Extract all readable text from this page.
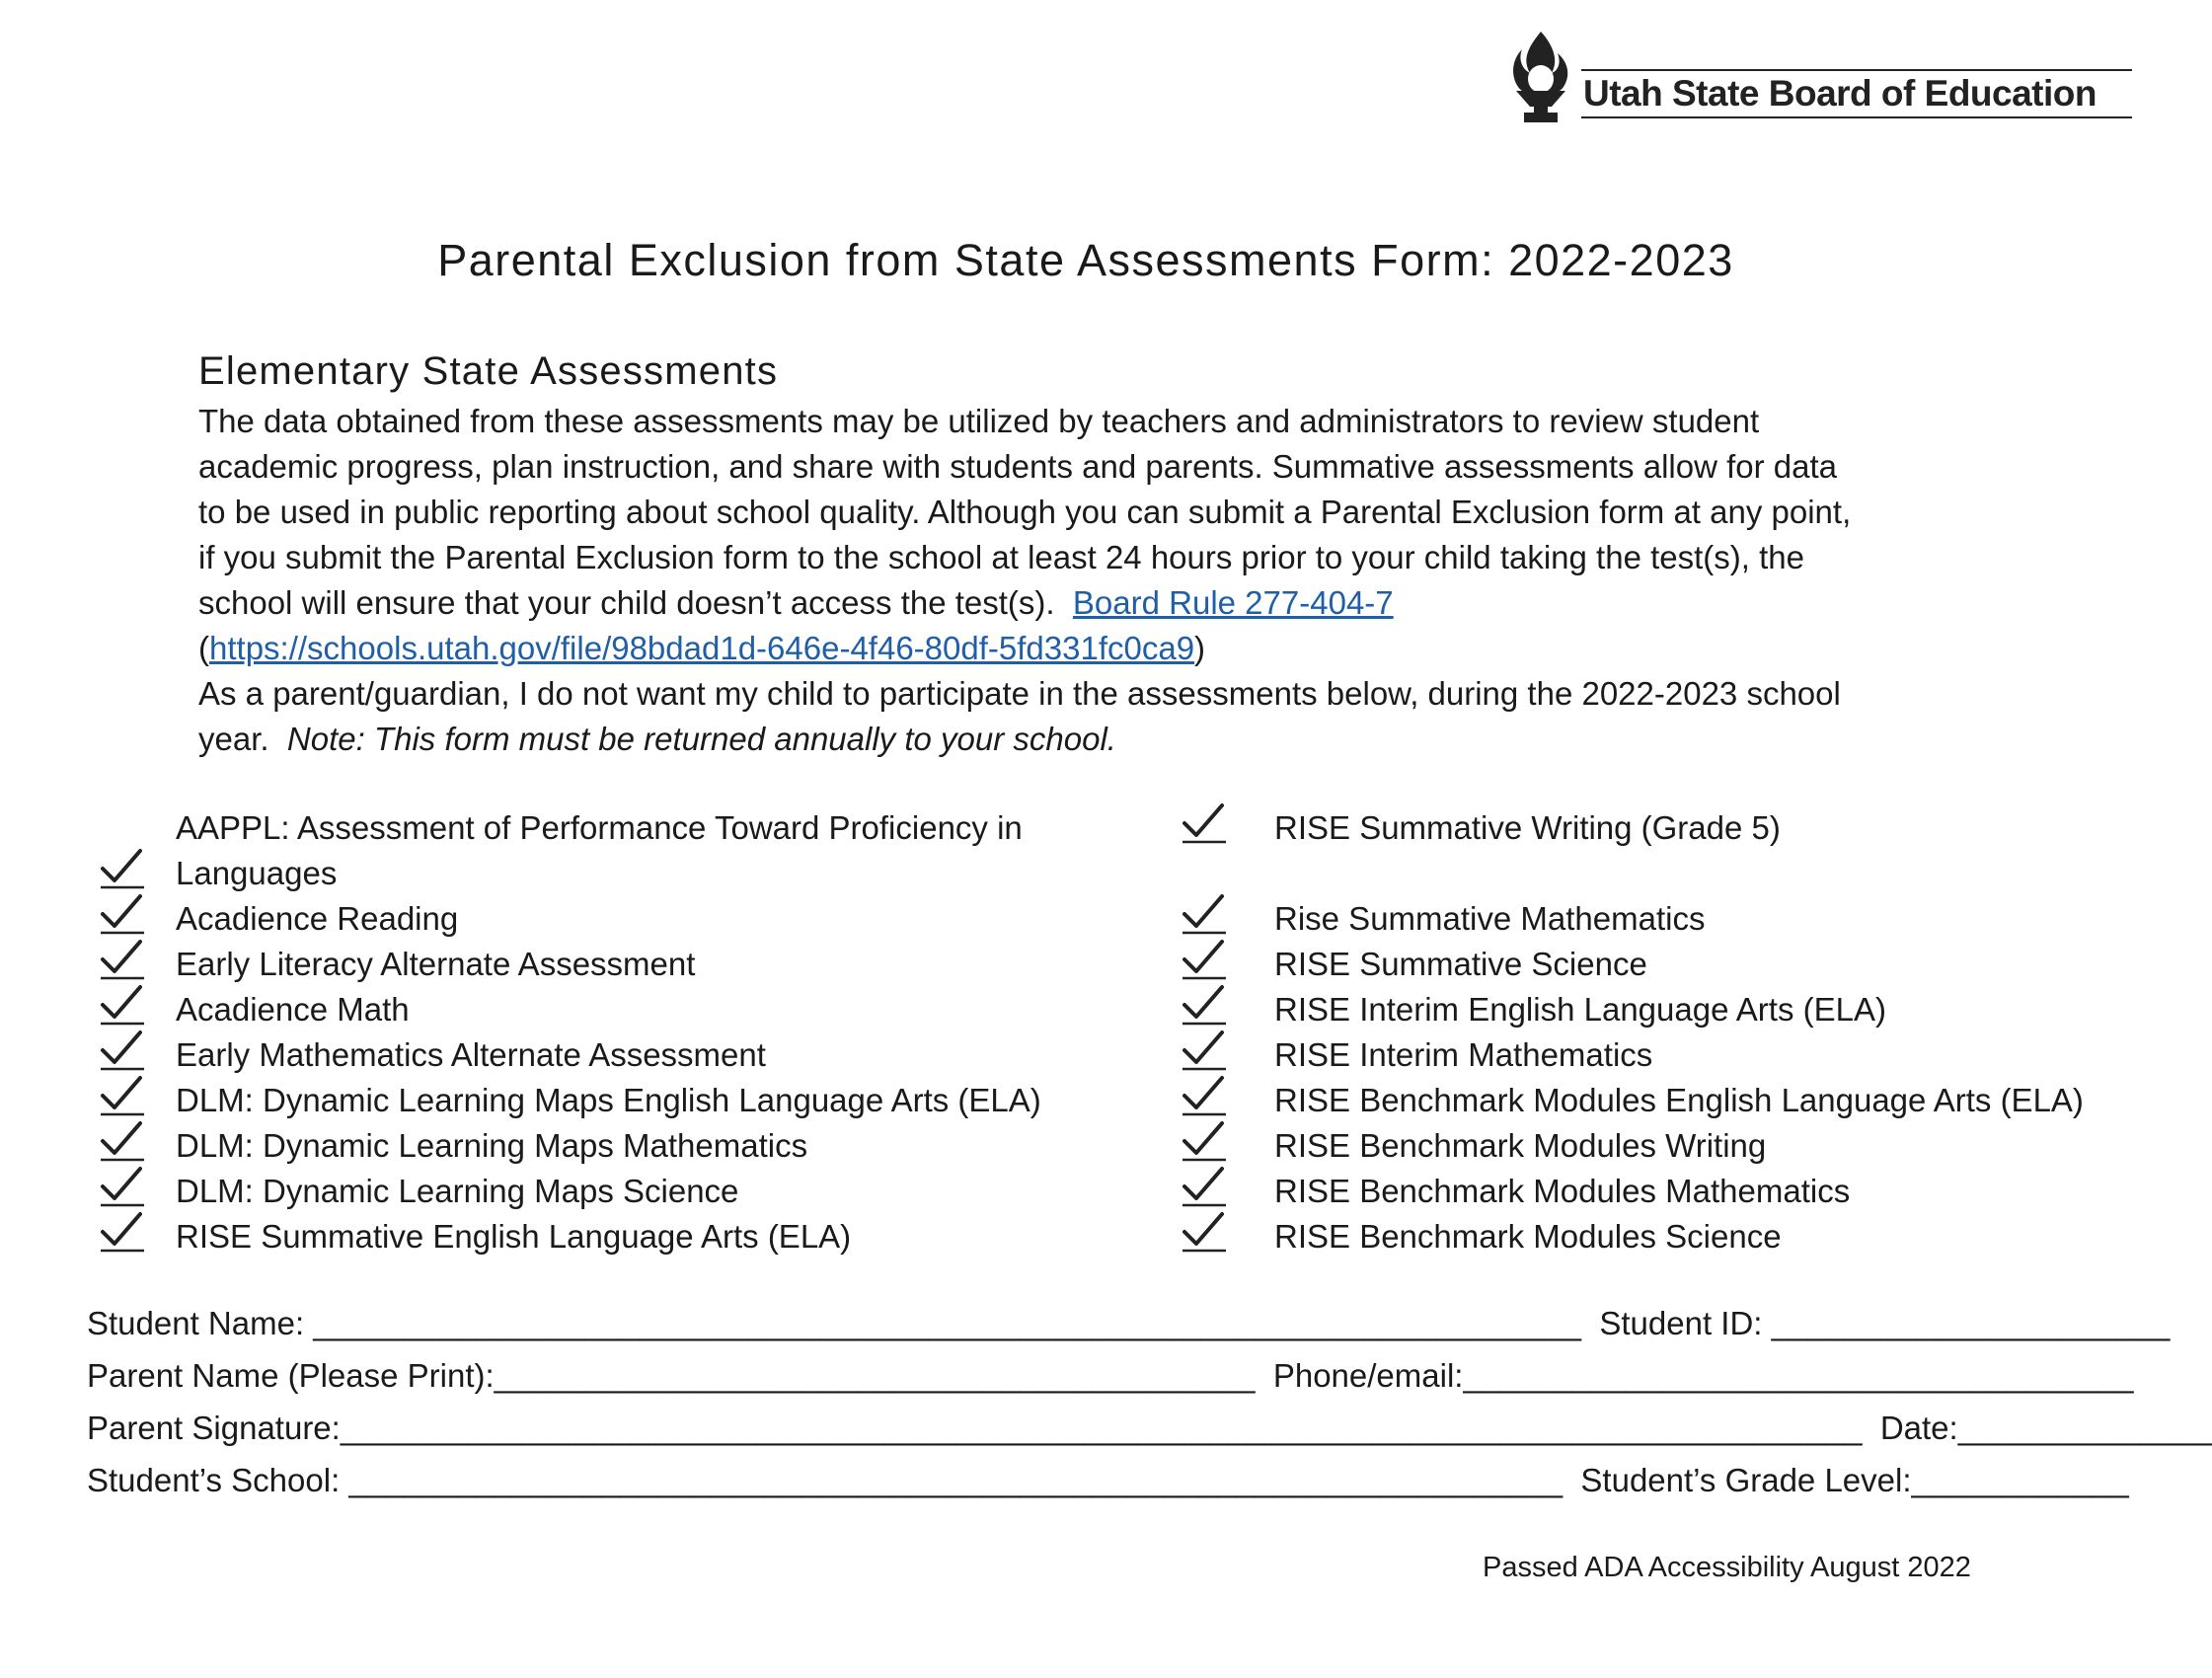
Utah State Board of Education
Parental Exclusion from State Assessments Form: 2022-2023
Elementary State Assessments

The data obtained from these assessments may be utilized by teachers and administrators to review student

academic progress, plan instruction, and share with students and parents. Summative assessments allow for data

to be used in public reporting about school quality. Although you can submit a Parental Exclusion form at any point,

if you submit the Parental Exclusion form to the school at least 24 hours prior to your child taking the test(s), the

school will ensure that your child doesn’t access the test(s). Board Rule 277-404-7

(https://schools.utah.gov/file/98bdad1d-646e-4f46-80df-5fd331fc0ca9)

As a parent/guardian, I do not want my child to participate in the assessments below, during the 2022-2023 school

year. Note: This form must be returned annually to your school.

AAPPL: Assessment of Performance Toward Proficiency in
Languages
Acadience Reading
Early Literacy Alternate Assessment
Acadience Math
Early Mathematics Alternate Assessment
DLM: Dynamic Learning Maps English Language Arts (ELA)
DLM: Dynamic Learning Maps Mathematics
DLM: Dynamic Learning Maps Science
RISE Summative English Language Arts (ELA)
RISE Summative Writing (Grade 5)
Rise Summative Mathematics
RISE Summative Science
RISE Interim English Language Arts (ELA)
RISE Interim Mathematics
RISE Benchmark Modules English Language Arts (ELA)
RISE Benchmark Modules Writing
RISE Benchmark Modules Mathematics
RISE Benchmark Modules Science
Student Name: ______________________________________________________________________ Student ID: ______________________
Parent Name (Please Print):__________________________________________ Phone/email:_____________________________________
Parent Signature:____________________________________________________________________________________ Date:______________
Student’s School: ___________________________________________________________________ Student’s Grade Level:____________
Passed ADA Accessibility August 2022
